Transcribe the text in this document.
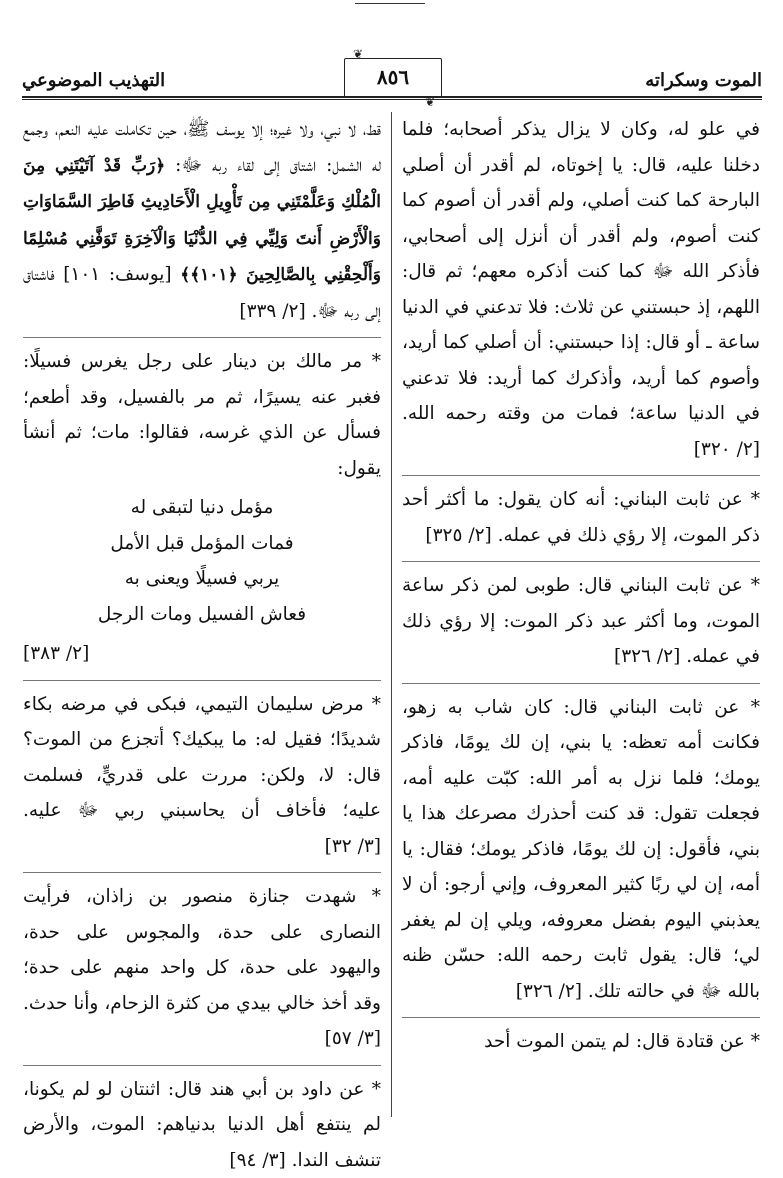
الموت وسكراته
❦
٨٥٦
❦
التهذيب الموضوعي

في علو له، وكان لا يزال يذكر أصحابه؛ فلما دخلنا عليه، قال: يا إخوتاه، لم أقدر أن أصلي البارحة كما كنت أصلي، ولم أقدر أن أصوم كما كنت أصوم، ولم أقدر أن أنزل إلى أصحابي، فأذكر الله ﷻ كما كنت أذكره معهم؛ ثم قال: اللهم، إذ حبستني عن ثلاث: فلا تدعني في الدنيا ساعة ـ أو قال: إذا حبستني: أن أصلي كما أريد، وأصوم كما أريد، وأذكرك كما أريد: فلا تدعني في الدنيا ساعة؛ فمات من وقته رحمه الله. [٢/ ٣٢٠]

* عن ثابت البناني: أنه كان يقول: ما أكثر أحد ذكر الموت، إلا رؤي ذلك في عمله. [٢/ ٣٢٥]

* عن ثابت البناني قال: طوبى لمن ذكر ساعة الموت، وما أكثر عبد ذكر الموت: إلا رؤي ذلك في عمله. [٢/ ٣٢٦]

* عن ثابت البناني قال: كان شاب به زهو، فكانت أمه تعظه: يا بني، إن لك يومًا، فاذكر يومك؛ فلما نزل به أمر الله: كبّت عليه أمه، فجعلت تقول: قد كنت أحذرك مصرعك هذا يا بني، فأقول: إن لك يومًا، فاذكر يومك؛ فقال: يا أمه، إن لي ربًا كثير المعروف، وإني أرجو: أن لا يعذبني اليوم بفضل معروفه، ويلي إن لم يغفر لي؛ قال: يقول ثابت رحمه الله: حسّن ظنه بالله ﷻ في حالته تلك. [٢/ ٣٢٦]

* عن قتادة قال: لم يتمن الموت أحد

قط، لا نبي، ولا غيره؛ إلا يوسف ﷺ، حين تكاملت عليه النعم، وجمع له الشمل: اشتاق إلى لقاء ربه ﷻ: ﴿رَبِّ قَدْ آتَيْتَنِي مِنَ الْمُلْكِ وَعَلَّمْتَنِي مِن تَأْوِيلِ الْأَحَادِيثِ فَاطِرَ السَّمَاوَاتِ وَالْأَرْضِ أَنتَ وَلِيِّي فِي الدُّنْيَا وَالْآخِرَةِ تَوَفَّنِي مُسْلِمًا وَأَلْحِقْنِي بِالصَّالِحِينَ ﴿١٠١﴾﴾ [يوسف: ١٠١] فاشتاق إلى ربه ﷻ. [٢/ ٣٣٩]

* مر مالك بن دينار على رجل يغرس فسيلًا: فغبر عنه يسيرًا، ثم مر بالفسيل، وقد أطعم؛ فسأل عن الذي غرسه، فقالوا: مات؛ ثم أنشأ يقول:

مؤمل دنيا لتبقى له
فمات المؤمل قبل الأمل
يربي فسيلًا ويعنى به
فعاش الفسيل ومات الرجل

[٢/ ٣٨٣]

* مرض سليمان التيمي، فبكى في مرضه بكاء شديدًا؛ فقيل له: ما يبكيك؟ أتجزع من الموت؟ قال: لا، ولكن: مررت على قدريٍّ، فسلمت عليه؛ فأخاف أن يحاسبني ربي ﷻ عليه. [٣/ ٣٢]

* شهدت جنازة منصور بن زاذان، فرأيت النصارى على حدة، والمجوس على حدة، واليهود على حدة، كل واحد منهم على حدة؛ وقد أخذ خالي بيدي من كثرة الزحام، وأنا حدث. [٣/ ٥٧]

* عن داود بن أبي هند قال: اثنتان لو لم يكونا، لم ينتفع أهل الدنيا بدنياهم: الموت، والأرض تنشف الندا. [٣/ ٩٤]
